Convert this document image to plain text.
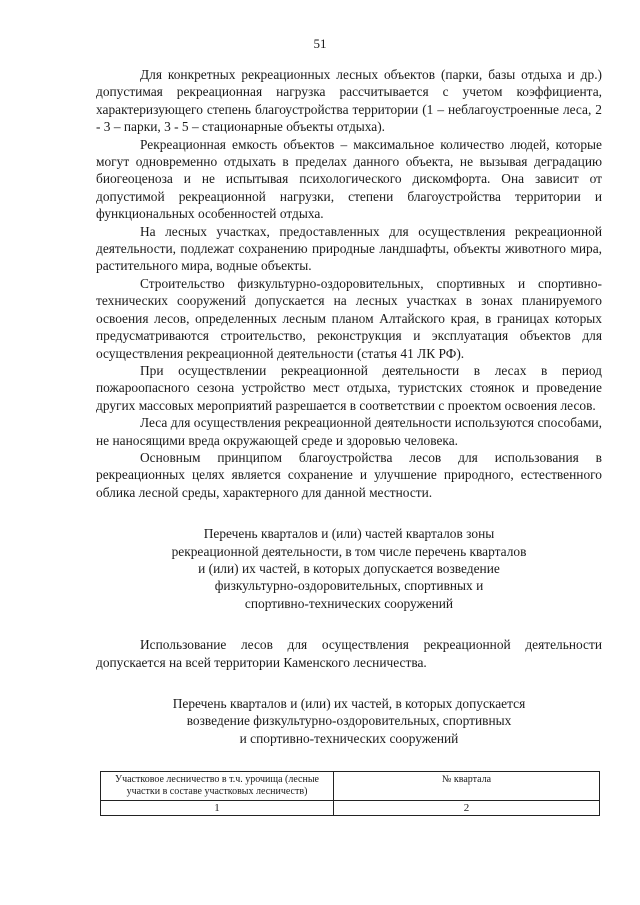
51

Для конкретных рекреационных лесных объектов (парки, базы отдыха и др.) допустимая рекреационная нагрузка рассчитывается с учетом коэффициента, характеризующего степень благоустройства территории (1 – неблагоустроенные леса, 2 - 3 – парки, 3 - 5 – стационарные объекты отдыха).

Рекреационная емкость объектов – максимальное количество людей, которые могут одновременно отдыхать в пределах данного объекта, не вызывая деградацию биогеоценоза и не испытывая психологического дискомфорта. Она зависит от допустимой рекреационной нагрузки, степени благоустройства территории и функциональных особенностей отдыха.

На лесных участках, предоставленных для осуществления рекреационной деятельности, подлежат сохранению природные ландшафты, объекты животного мира, растительного мира, водные объекты.

Строительство физкультурно-оздоровительных, спортивных и спортивно-технических сооружений допускается на лесных участках в зонах планируемого освоения лесов, определенных лесным планом Алтайского края, в границах которых предусматриваются строительство, реконструкция и эксплуатация объектов для осуществления рекреационной деятельности (статья 41 ЛК РФ).

При осуществлении рекреационной деятельности в лесах в период пожароопасного сезона устройство мест отдыха, туристских стоянок и проведение других массовых мероприятий разрешается в соответствии с проектом освоения лесов.

Леса для осуществления рекреационной деятельности используются способами, не наносящими вреда окружающей среде и здоровью человека.

Основным принципом благоустройства лесов для использования в рекреационных целях является сохранение и улучшение природного, естественного облика лесной среды, характерного для данной местности.

Перечень кварталов и (или) частей кварталов зоны
рекреационной деятельности, в том числе перечень кварталов
и (или) их частей, в которых допускается возведение
физкультурно-оздоровительных, спортивных и
спортивно-технических сооружений

Использование лесов для осуществления рекреационной деятельности допускается на всей территории Каменского лесничества.

Перечень кварталов и (или) их частей, в которых допускается
возведение физкультурно-оздоровительных, спортивных
и спортивно-технических сооружений
Участковое лесничество в т.ч. урочища (лесные участки в составе участковых лесничеств)	№ квартала
1	2
